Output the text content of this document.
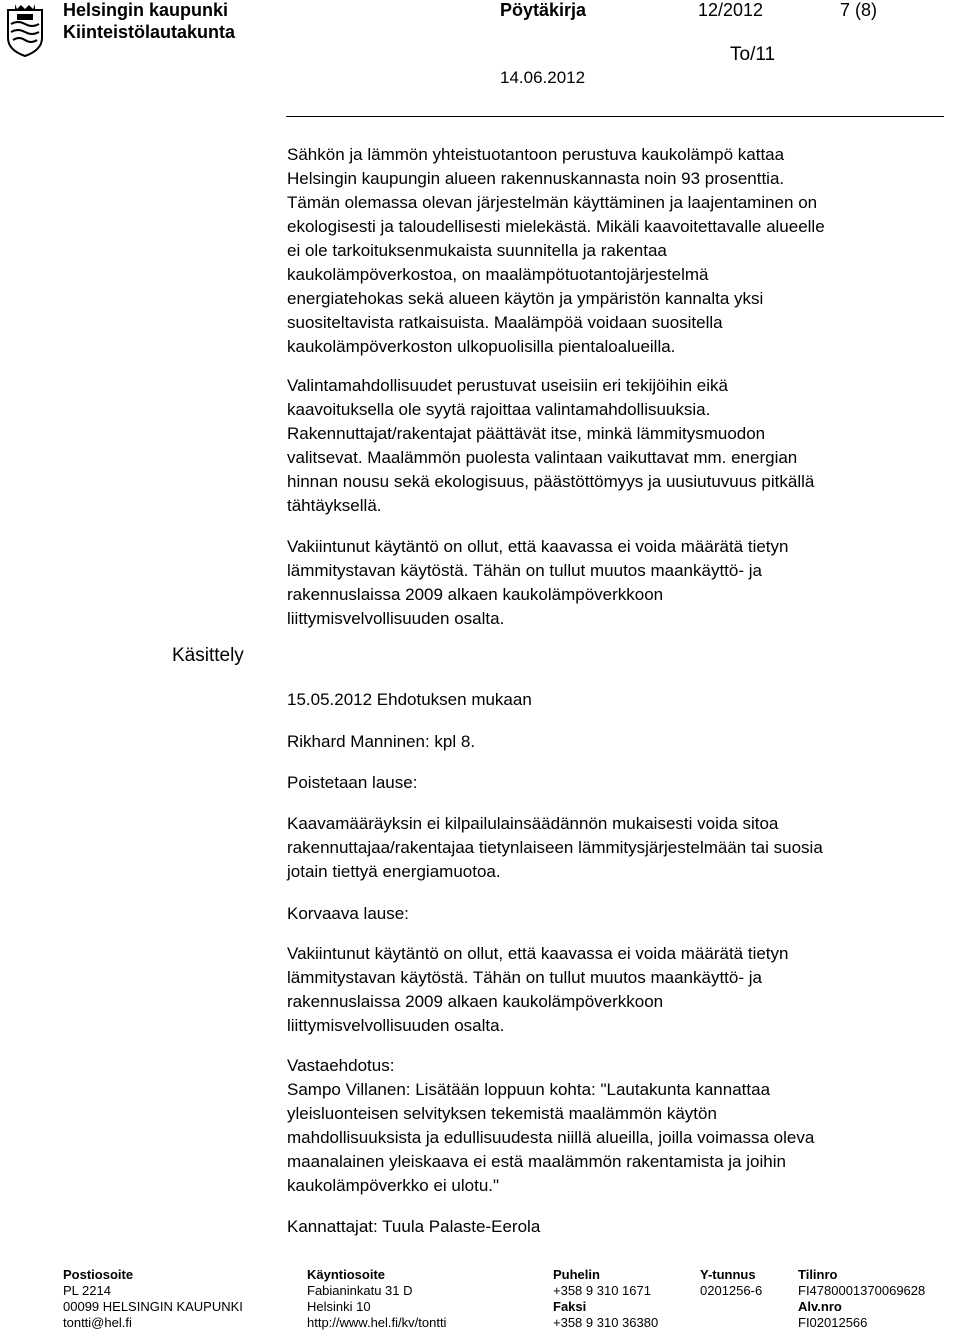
Helsingin kaupunki
Kiinteistölautakunta
Pöytäkirja	12/2012	7 (8)
To/11
14.06.2012
Käsittely
Sähkön ja lämmön yhteistuotantoon perustuva kaukolämpö kattaa
Helsingin kaupungin alueen rakennuskannasta noin 93 prosenttia.
Tämän olemassa olevan järjestelmän käyttäminen ja laajentaminen on
ekologisesti ja taloudellisesti mielekästä. Mikäli kaavoitettavalle alueelle
ei ole tarkoituksenmukaista suunnitella ja rakentaa
kaukolämpöverkostoa, on maalämpötuotantojärjestelmä
energiatehokas sekä alueen käytön ja ympäristön kannalta yksi
suositeltavista ratkaisuista. Maalämpöä voidaan suositella
kaukolämpöverkoston ulkopuolisilla pientaloalueilla.
Valintamahdollisuudet perustuvat useisiin eri tekijöihin eikä
kaavoituksella ole syytä rajoittaa valintamahdollisuuksia.
Rakennuttajat/rakentajat päättävät itse, minkä lämmitysmuodon
valitsevat. Maalämmön puolesta valintaan vaikuttavat mm. energian
hinnan nousu sekä ekologisuus, päästöttömyys ja uusiutuvuus pitkällä
tähtäyksellä.
Vakiintunut käytäntö on ollut, että kaavassa ei voida määrätä tietyn
lämmitystavan käytöstä. Tähän on tullut muutos maankäyttö- ja
rakennuslaissa 2009 alkaen kaukolämpöverkkoon
liittymisvelvollisuuden osalta.
15.05.2012 Ehdotuksen mukaan
Rikhard Manninen: kpl 8.
Poistetaan lause:
Kaavamääräyksin ei kilpailulainsäädännön mukaisesti voida sitoa
rakennuttajaa/rakentajaa tietynlaiseen lämmitysjärjestelmään tai suosia
jotain tiettyä energiamuotoa.
Korvaava lause:
Vakiintunut käytäntö on ollut, että kaavassa ei voida määrätä tietyn
lämmitystavan käytöstä. Tähän on tullut muutos maankäyttö- ja
rakennuslaissa 2009 alkaen kaukolämpöverkkoon
liittymisvelvollisuuden osalta.
Vastaehdotus:
Sampo Villanen: Lisätään loppuun kohta: "Lautakunta kannattaa
yleisluonteisen selvityksen tekemistä maalämmön käytön
mahdollisuuksista ja edullisuudesta niillä alueilla, joilla voimassa oleva
maanalainen yleiskaava ei estä maalämmön rakentamista ja joihin
kaukolämpöverkko ei ulotu."
Kannattajat: Tuula Palaste-Eerola
Postiosoite
PL 2214
00099 HELSINGIN KAUPUNKI
tontti@hel.fi
Käyntiosoite
Fabianinkatu 31 D
Helsinki 10
http://www.hel.fi/kv/tontti
Puhelin
+358 9 310 1671
Faksi
+358 9 310 36380
Y-tunnus
0201256-6
Tilinro
FI4780001370069628
Alv.nro
FI02012566
